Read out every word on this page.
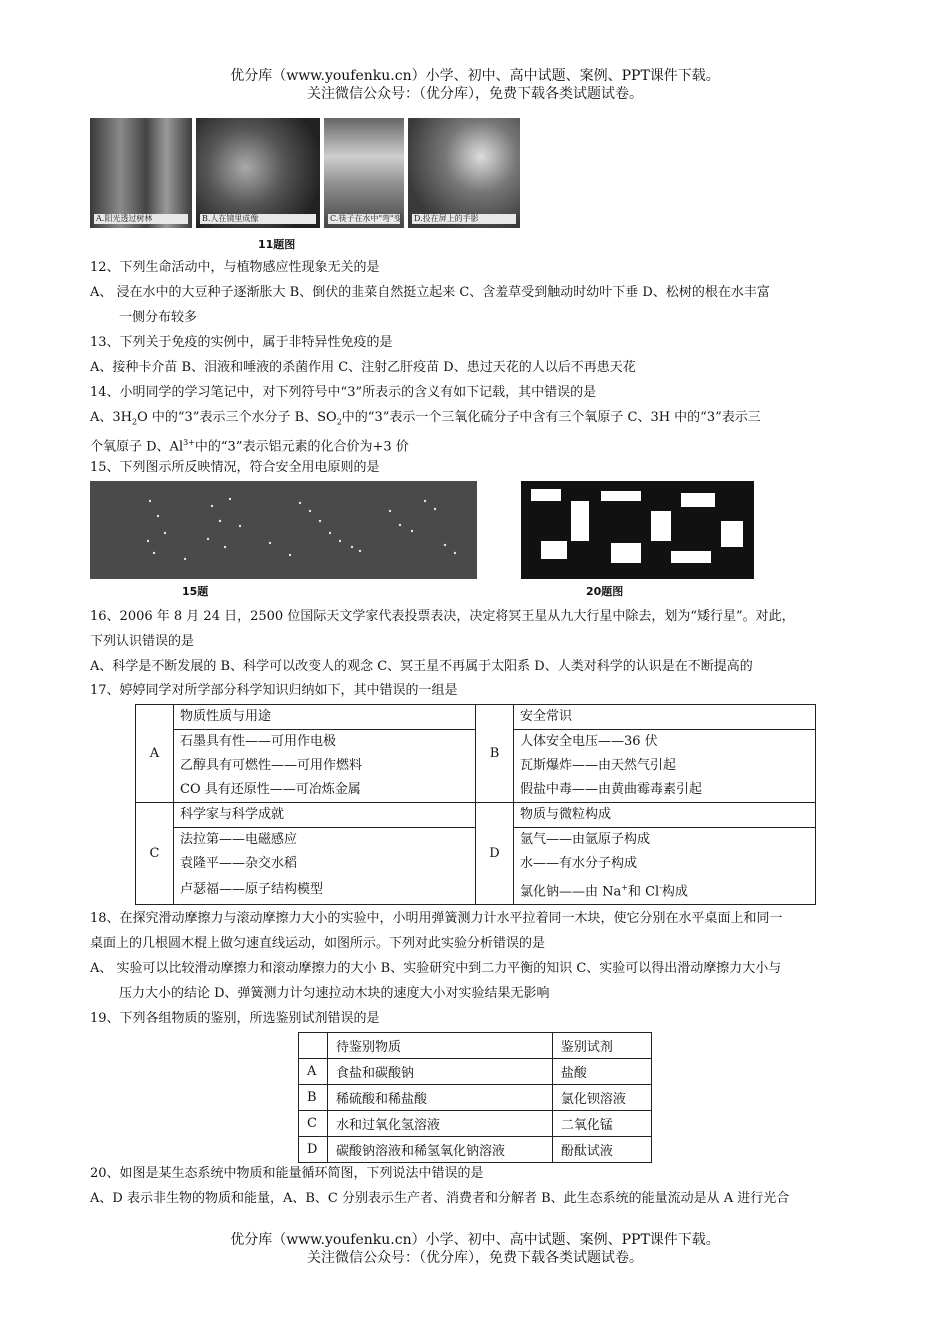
优分库（www.youfenku.cn）小学、初中、高中试题、案例、PPT课件下载。
关注微信公众号：（优分库），免费下载各类试题试卷。
A.阳光透过树林	B.人在镜里成像	C.筷子在水中"弯"变 D.投在屏上的手影
11题图
12、下列生命活动中，与植物感应性现象无关的是
A、 浸在水中的大豆种子逐渐胀大 B、倒伏的韭菜自然挺立起来 C、含羞草受到触动时幼叶下垂 D、松树的根在水丰富
一侧分布较多
13、下列关于免疫的实例中，属于非特异性免疫的是
A、接种卡介苗 B、泪液和唾液的杀菌作用 C、注射乙肝疫苗 D、患过天花的人以后不再患天花
14、小明同学的学习笔记中，对下列符号中“3”所表示的含义有如下记载，其中错误的是
A、$3H_2O$ 中的“3”表示三个水分子 B、$SO_2$中的“3”表示一个三氧化硫分子中含有三个氧原子 C、3H 中的“3”表示三
个氧原子 D、$Al^{3+}$中的“3”表示铝元素的化合价为+3 价
15、下列图示所反映情况，符合安全用电原则的是
15题	20题图
16、2006 年 8 月 24 日，2500 位国际天文学家代表投票表决，决定将冥王星从九大行星中除去，划为“矮行星”。对此，
下列认识错误的是
A、科学是不断发展的 B、科学可以改变人的观念 C、冥王星不再属于太阳系 D、人类对科学的认识是在不断提高的
17、婷婷同学对所学部分科学知识归纳如下，其中错误的一组是
A	物质性质与用途	B	安全常识
	石墨具有性——可用作电极		人体安全电压——36 伏
	乙醇具有可燃性——可用作燃料		瓦斯爆炸——由天然气引起
	CO 具有还原性——可冶炼金属		假盐中毒——由黄曲霉毒素引起
C	科学家与科学成就	D	物质与微粒构成
	法拉第——电磁感应		氩气——由氩原子构成
	袁隆平——杂交水稻		水——有水分子构成
	卢瑟福——原子结构模型		氯化钠——由 Na+和 Cl-构成
18、在探究滑动摩擦力与滚动摩擦力大小的实验中，小明用弹簧测力计水平拉着同一木块，使它分别在水平桌面上和同一
桌面上的几根圆木棍上做匀速直线运动，如图所示。下列对此实验分析错误的是
A、 实验可以比较滑动摩擦力和滚动摩擦力的大小 B、实验研究中到二力平衡的知识 C、实验可以得出滑动摩擦力大小与
压力大小的结论 D、弹簧测力计匀速拉动木块的速度大小对实验结果无影响
19、下列各组物质的鉴别，所选鉴别试剂错误的是
	待鉴别物质	鉴别试剂
A	食盐和碳酸钠	盐酸
B	稀硫酸和稀盐酸	氯化钡溶液
C	水和过氧化氢溶液	二氧化锰
D	碳酸钠溶液和稀氢氧化钠溶液	酚酞试液
20、如图是某生态系统中物质和能量循环简图，下列说法中错误的是
A、D 表示非生物的物质和能量，A、B、C 分别表示生产者、消费者和分解者 B、此生态系统的能量流动是从 A 进行光合
优分库（www.youfenku.cn）小学、初中、高中试题、案例、PPT课件下载。
关注微信公众号：（优分库），免费下载各类试题试卷。
